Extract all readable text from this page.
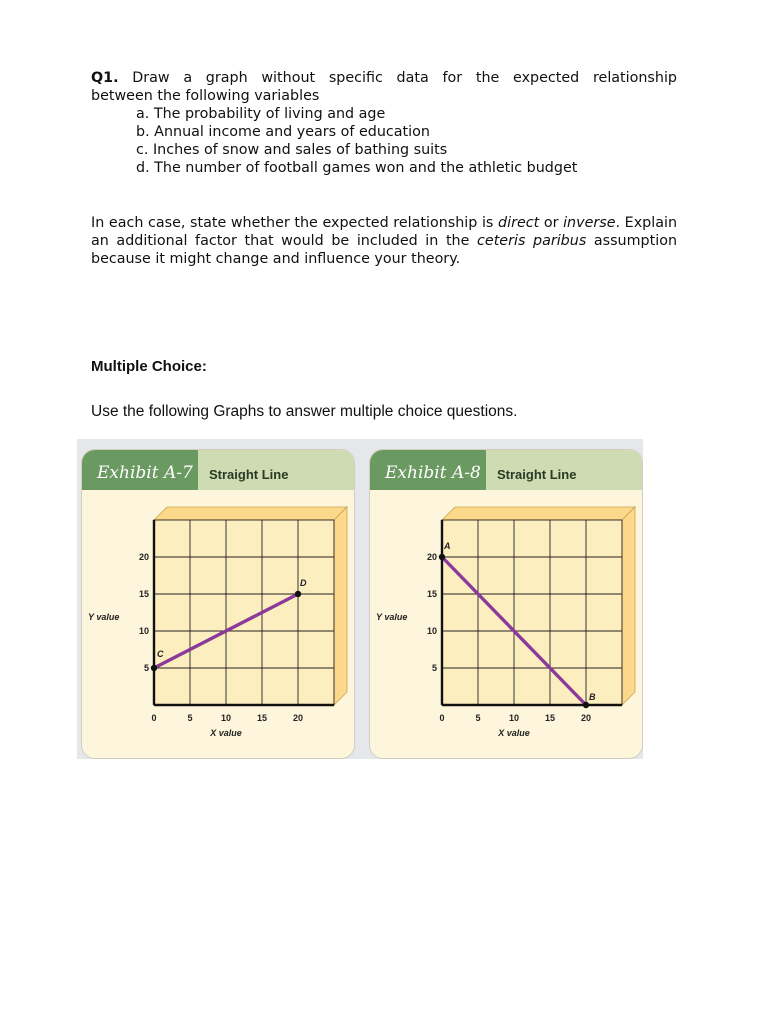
Q1. Draw a graph without specific data for the expected relationship
between the following variables
a. The probability of living and age
b. Annual income and years of education
c. Inches of snow and sales of bathing suits
d. The number of football games won and the athletic budget
In each case, state whether the expected relationship is direct or inverse. Explain an additional factor that would be included in the ceteris paribus assumption because it might change and influence your theory.
Multiple Choice:
Use the following Graphs to answer multiple choice questions.
Exhibit A-7 Straight Line
0	5	10	15	20
5
10
15
20
X value
Y value
C
D
Exhibit A-8 Straight Line
0	5	10	15	20
5
10
15
20
X value
Y value
A
B
